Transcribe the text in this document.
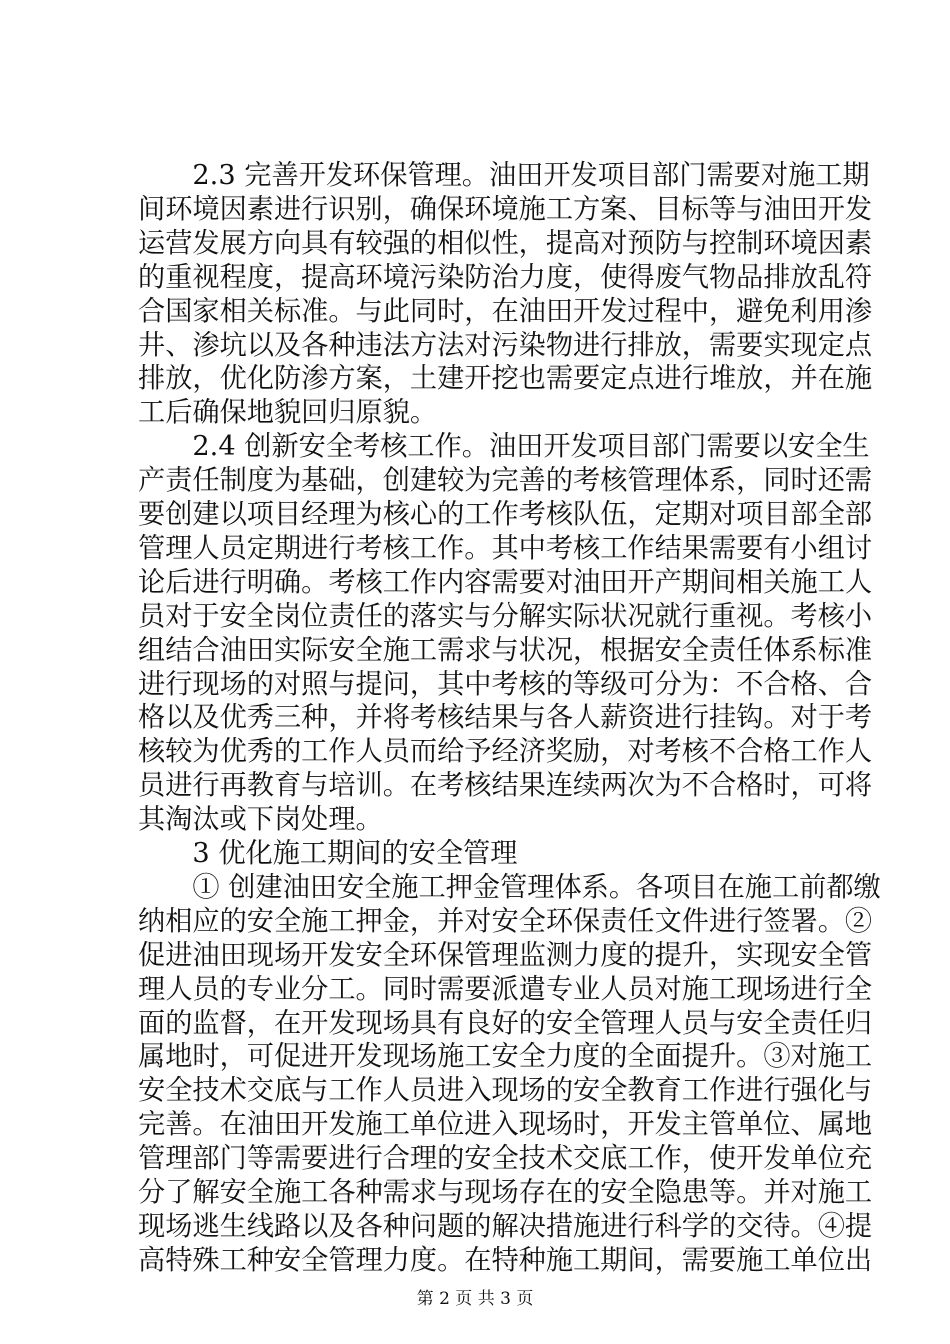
　　2.3 完善开发环保管理。油田开发项目部门需要对施工期
间环境因素进行识别，确保环境施工方案、目标等与油田开发
运营发展方向具有较强的相似性，提高对预防与控制环境因素
的重视程度，提高环境污染防治力度，使得废气物品排放乱符
合国家相关标准。与此同时，在油田开发过程中，避免利用渗
井、渗坑以及各种违法方法对污染物进行排放，需要实现定点
排放，优化防渗方案，土建开挖也需要定点进行堆放，并在施
工后确保地貌回归原貌。
　　2.4 创新安全考核工作。油田开发项目部门需要以安全生
产责任制度为基础，创建较为完善的考核管理体系，同时还需
要创建以项目经理为核心的工作考核队伍，定期对项目部全部
管理人员定期进行考核工作。其中考核工作结果需要有小组讨
论后进行明确。考核工作内容需要对油田开产期间相关施工人
员对于安全岗位责任的落实与分解实际状况就行重视。考核小
组结合油田实际安全施工需求与状况，根据安全责任体系标准
进行现场的对照与提问，其中考核的等级可分为：不合格、合
格以及优秀三种，并将考核结果与各人薪资进行挂钩。对于考
核较为优秀的工作人员而给予经济奖励，对考核不合格工作人
员进行再教育与培训。在考核结果连续两次为不合格时，可将
其淘汰或下岗处理。
　　3 优化施工期间的安全管理
　　① 创建油田安全施工押金管理体系。各项目在施工前都缴
纳相应的安全施工押金，并对安全环保责任文件进行签署。②
促进油田现场开发安全环保管理监测力度的提升，实现安全管
理人员的专业分工。同时需要派遣专业人员对施工现场进行全
面的监督，在开发现场具有良好的安全管理人员与安全责任归
属地时，可促进开发现场施工安全力度的全面提升。③对施工
安全技术交底与工作人员进入现场的安全教育工作进行强化与
完善。在油田开发施工单位进入现场时，开发主管单位、属地
管理部门等需要进行合理的安全技术交底工作，使开发单位充
分了解安全施工各种需求与现场存在的安全隐患等。并对施工
现场逃生线路以及各种问题的解决措施进行科学的交待。④提
高特殊工种安全管理力度。在特种施工期间，需要施工单位出
第 2 页 共 3 页
